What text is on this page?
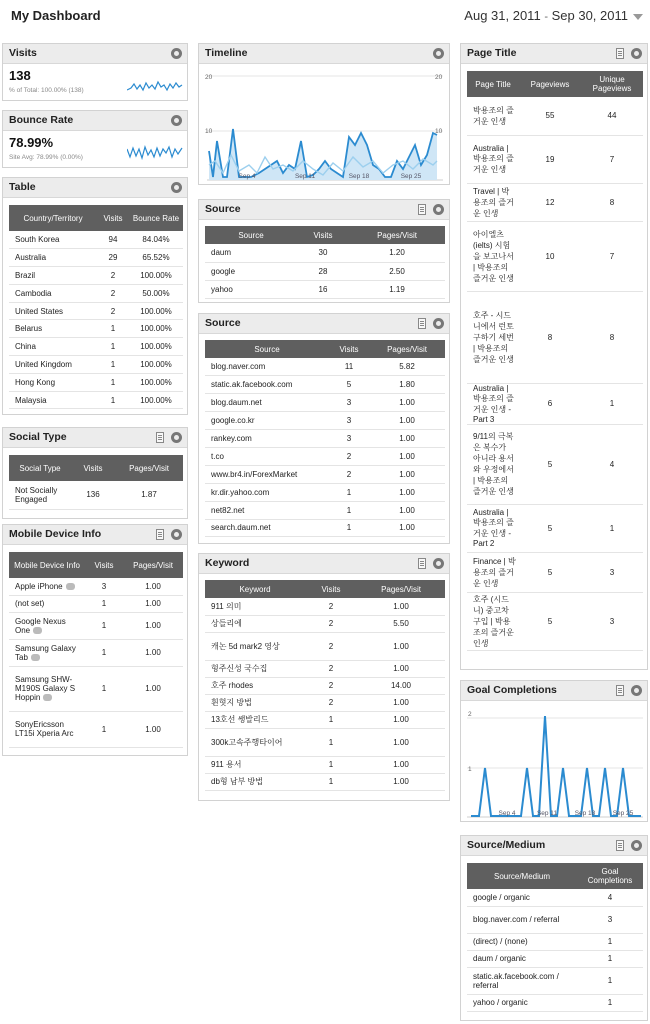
My Dashboard	Aug 31, 2011 - Sep 30, 2011
Visits
138
% of Total: 100.00% (138)
Bounce Rate
78.99%
Site Avg: 78.99% (0.00%)
Table
Country/Territory	Visits	Bounce Rate
South Korea	94	84.04%
Australia	29	65.52%
Brazil	2	100.00%
Cambodia	2	50.00%
United States	2	100.00%
Belarus	1	100.00%
China	1	100.00%
United Kingdom	1	100.00%
Hong Kong	1	100.00%
Malaysia	1	100.00%
Social Type
Social Type	Visits	Pages/Visit
Not Socially Engaged	136	1.87
Mobile Device Info
Mobile Device Info	Visits	Pages/Visit
Apple iPhone	3	1.00
(not set)	1	1.00
Google Nexus One	1	1.00
Samsung Galaxy Tab	1	1.00
Samsung SHW-M190S Galaxy S Hoppin	1	1.00
SonyEricsson LT15i Xperia Arc	1	1.00
Timeline
20	20
10	10
Sep 4	Sep 11	Sep 18	Sep 25
Source
Source	Visits	Pages/Visit
daum	30	1.20
google	28	2.50
yahoo	16	1.19
Source
Source	Visits	Pages/Visit
blog.naver.com	11	5.82
static.ak.facebook.com	5	1.80
blog.daum.net	3	1.00
google.co.kr	3	1.00
rankey.com	3	1.00
t.co	2	1.00
www.br4.in/ForexMarket	2	1.00
kr.dir.yahoo.com	1	1.00
net82.net	1	1.00
search.daum.net	1	1.00
Keyword
Keyword	Visits	Pages/Visit
911 의미	2	1.00
상들리에	2	5.50
캐논 5d mark2 영상	2	1.00
형주신성 국수집	2	1.00
호주 rhodes	2	14.00
흰혓지 방법	2	1.00
13호선 쌩발리드	1	1.00
300k고속주행타이어	1	1.00
911 용서	1	1.00
db형 남부 방법	1	1.00
Page Title
Page Title	Pageviews	Unique Pageviews
박용조의 즐거운 인생	55	44
Australia | 박용조의 즐거운 인생	19	7
Travel | 박용조의 즐거운 인생	12	8
아이엘츠 (ielts) 시험을 보고나서 | 박용조의 즐거운 인생	10	7
호주 - 시드니에서 런토구하기 세번 | 박용조의 즐거운 인생	8	8
Australia | 박용조의 즐거운 인생 - Part 3	6	1
9/11의 극복은 복수가 아니라 용서와 우정에서 | 박용조의 즐거운 인생	5	4
Australia | 박용조의 즐거운 인생 - Part 2	5	1
Finance | 박용조의 즐거운 인생	5	3
호주 (시드니) 중고차 구입 | 박용조의 즐거운 인생	5	3
Goal Completions
2
1
Sep 4	Sep 11	Sep 18	Sep 25
Source/Medium
Source/Medium	Goal Completions
google / organic	4
blog.naver.com / referral	3
(direct) / (none)	1
daum / organic	1
static.ak.facebook.com / referral	1
yahoo / organic	1
